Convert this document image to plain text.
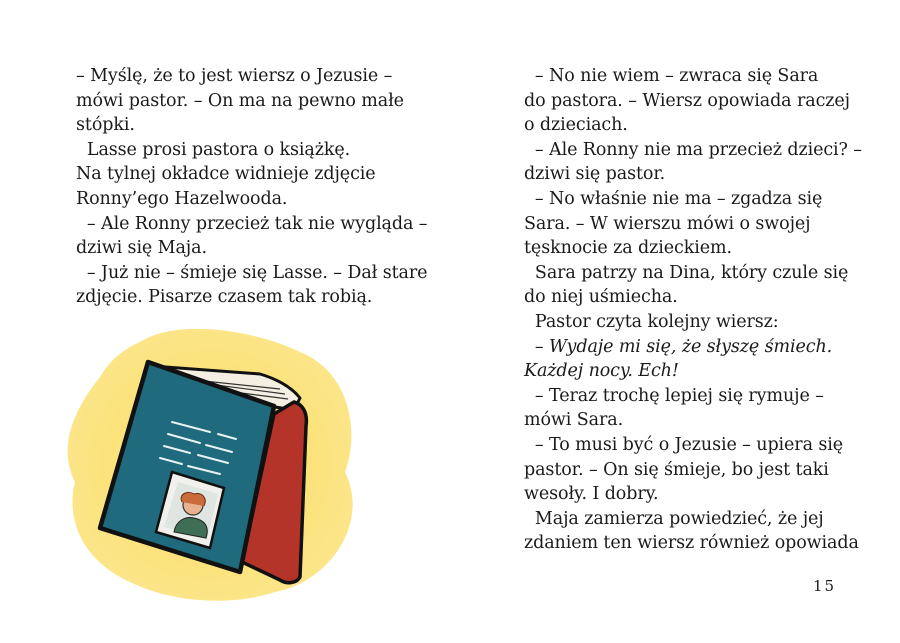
– Myślę, że to jest wiersz o Jezusie –
mówi pastor. – On ma na pewno małe
stópki.
Lasse prosi pastora o książkę.
Na tylnej okładce widnieje zdjęcie
Ronny’ego Hazelwooda.
– Ale Ronny przecież tak nie wygląda –
dziwi się Maja.
– Już nie – śmieje się Lasse. – Dał stare
zdjęcie. Pisarze czasem tak robią.
– No nie wiem – zwraca się Sara
do pastora. – Wiersz opowiada raczej
o dzieciach.
– Ale Ronny nie ma przecież dzieci? –
dziwi się pastor.
– No właśnie nie ma – zgadza się
Sara. – W wierszu mówi o swojej
tęsknocie za dzieckiem.
Sara patrzy na Dina, który czule się
do niej uśmiecha.
Pastor czyta kolejny wiersz:
– Wydaje mi się, że słyszę śmiech.
Każdej nocy. Ech!
– Teraz trochę lepiej się rymuje –
mówi Sara.
– To musi być o Jezusie – upiera się
pastor. – On się śmieje, bo jest taki
wesoły. I dobry.
Maja zamierza powiedzieć, że jej
zdaniem ten wiersz również opowiada
15
